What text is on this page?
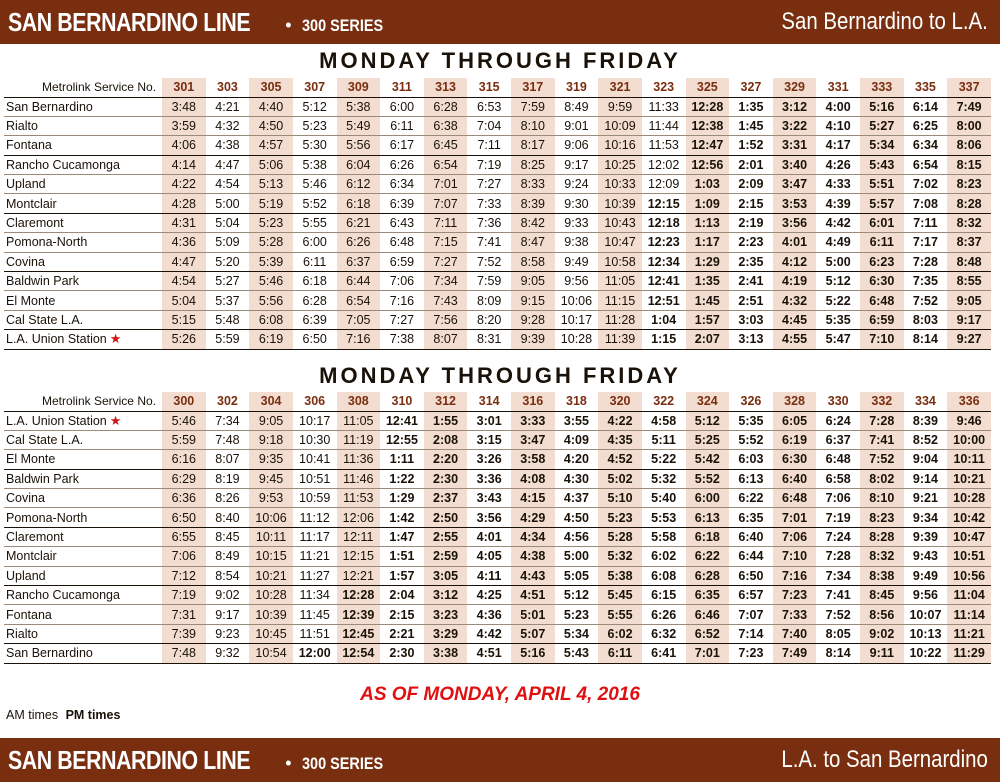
SAN BERNARDINO LINE • 300 SERIES	San Bernardino to L.A.
MONDAY THROUGH FRIDAY
Metrolink Service No.	301	303	305	307	309	311	313	315	317	319	321	323	325	327	329	331	333	335	337
San Bernardino	3:48	4:21	4:40	5:12	5:38	6:00	6:28	6:53	7:59	8:49	9:59	11:33	12:28	1:35	3:12	4:00	5:16	6:14	7:49
Rialto	3:59	4:32	4:50	5:23	5:49	6:11	6:38	7:04	8:10	9:01	10:09	11:44	12:38	1:45	3:22	4:10	5:27	6:25	8:00
Fontana	4:06	4:38	4:57	5:30	5:56	6:17	6:45	7:11	8:17	9:06	10:16	11:53	12:47	1:52	3:31	4:17	5:34	6:34	8:06
Rancho Cucamonga	4:14	4:47	5:06	5:38	6:04	6:26	6:54	7:19	8:25	9:17	10:25	12:02	12:56	2:01	3:40	4:26	5:43	6:54	8:15
Upland	4:22	4:54	5:13	5:46	6:12	6:34	7:01	7:27	8:33	9:24	10:33	12:09	1:03	2:09	3:47	4:33	5:51	7:02	8:23
Montclair	4:28	5:00	5:19	5:52	6:18	6:39	7:07	7:33	8:39	9:30	10:39	12:15	1:09	2:15	3:53	4:39	5:57	7:08	8:28
Claremont	4:31	5:04	5:23	5:55	6:21	6:43	7:11	7:36	8:42	9:33	10:43	12:18	1:13	2:19	3:56	4:42	6:01	7:11	8:32
Pomona-North	4:36	5:09	5:28	6:00	6:26	6:48	7:15	7:41	8:47	9:38	10:47	12:23	1:17	2:23	4:01	4:49	6:11	7:17	8:37
Covina	4:47	5:20	5:39	6:11	6:37	6:59	7:27	7:52	8:58	9:49	10:58	12:34	1:29	2:35	4:12	5:00	6:23	7:28	8:48
Baldwin Park	4:54	5:27	5:46	6:18	6:44	7:06	7:34	7:59	9:05	9:56	11:05	12:41	1:35	2:41	4:19	5:12	6:30	7:35	8:55
El Monte	5:04	5:37	5:56	6:28	6:54	7:16	7:43	8:09	9:15	10:06	11:15	12:51	1:45	2:51	4:32	5:22	6:48	7:52	9:05
Cal State L.A.	5:15	5:48	6:08	6:39	7:05	7:27	7:56	8:20	9:28	10:17	11:28	1:04	1:57	3:03	4:45	5:35	6:59	8:03	9:17
L.A. Union Station ★	5:26	5:59	6:19	6:50	7:16	7:38	8:07	8:31	9:39	10:28	11:39	1:15	2:07	3:13	4:55	5:47	7:10	8:14	9:27
MONDAY THROUGH FRIDAY
Metrolink Service No.	300	302	304	306	308	310	312	314	316	318	320	322	324	326	328	330	332	334	336
L.A. Union Station ★	5:46	7:34	9:05	10:17	11:05	12:41	1:55	3:01	3:33	3:55	4:22	4:58	5:12	5:35	6:05	6:24	7:28	8:39	9:46
Cal State L.A.	5:59	7:48	9:18	10:30	11:19	12:55	2:08	3:15	3:47	4:09	4:35	5:11	5:25	5:52	6:19	6:37	7:41	8:52	10:00
El Monte	6:16	8:07	9:35	10:41	11:36	1:11	2:20	3:26	3:58	4:20	4:52	5:22	5:42	6:03	6:30	6:48	7:52	9:04	10:11
Baldwin Park	6:29	8:19	9:45	10:51	11:46	1:22	2:30	3:36	4:08	4:30	5:02	5:32	5:52	6:13	6:40	6:58	8:02	9:14	10:21
Covina	6:36	8:26	9:53	10:59	11:53	1:29	2:37	3:43	4:15	4:37	5:10	5:40	6:00	6:22	6:48	7:06	8:10	9:21	10:28
Pomona-North	6:50	8:40	10:06	11:12	12:06	1:42	2:50	3:56	4:29	4:50	5:23	5:53	6:13	6:35	7:01	7:19	8:23	9:34	10:42
Claremont	6:55	8:45	10:11	11:17	12:11	1:47	2:55	4:01	4:34	4:56	5:28	5:58	6:18	6:40	7:06	7:24	8:28	9:39	10:47
Montclair	7:06	8:49	10:15	11:21	12:15	1:51	2:59	4:05	4:38	5:00	5:32	6:02	6:22	6:44	7:10	7:28	8:32	9:43	10:51
Upland	7:12	8:54	10:21	11:27	12:21	1:57	3:05	4:11	4:43	5:05	5:38	6:08	6:28	6:50	7:16	7:34	8:38	9:49	10:56
Rancho Cucamonga	7:19	9:02	10:28	11:34	12:28	2:04	3:12	4:25	4:51	5:12	5:45	6:15	6:35	6:57	7:23	7:41	8:45	9:56	11:04
Fontana	7:31	9:17	10:39	11:45	12:39	2:15	3:23	4:36	5:01	5:23	5:55	6:26	6:46	7:07	7:33	7:52	8:56	10:07	11:14
Rialto	7:39	9:23	10:45	11:51	12:45	2:21	3:29	4:42	5:07	5:34	6:02	6:32	6:52	7:14	7:40	8:05	9:02	10:13	11:21
San Bernardino	7:48	9:32	10:54	12:00	12:54	2:30	3:38	4:51	5:16	5:43	6:11	6:41	7:01	7:23	7:49	8:14	9:11	10:22	11:29
AS OF MONDAY, APRIL 4, 2016
AM times PM times
SAN BERNARDINO LINE • 300 SERIES	L.A. to San Bernardino
